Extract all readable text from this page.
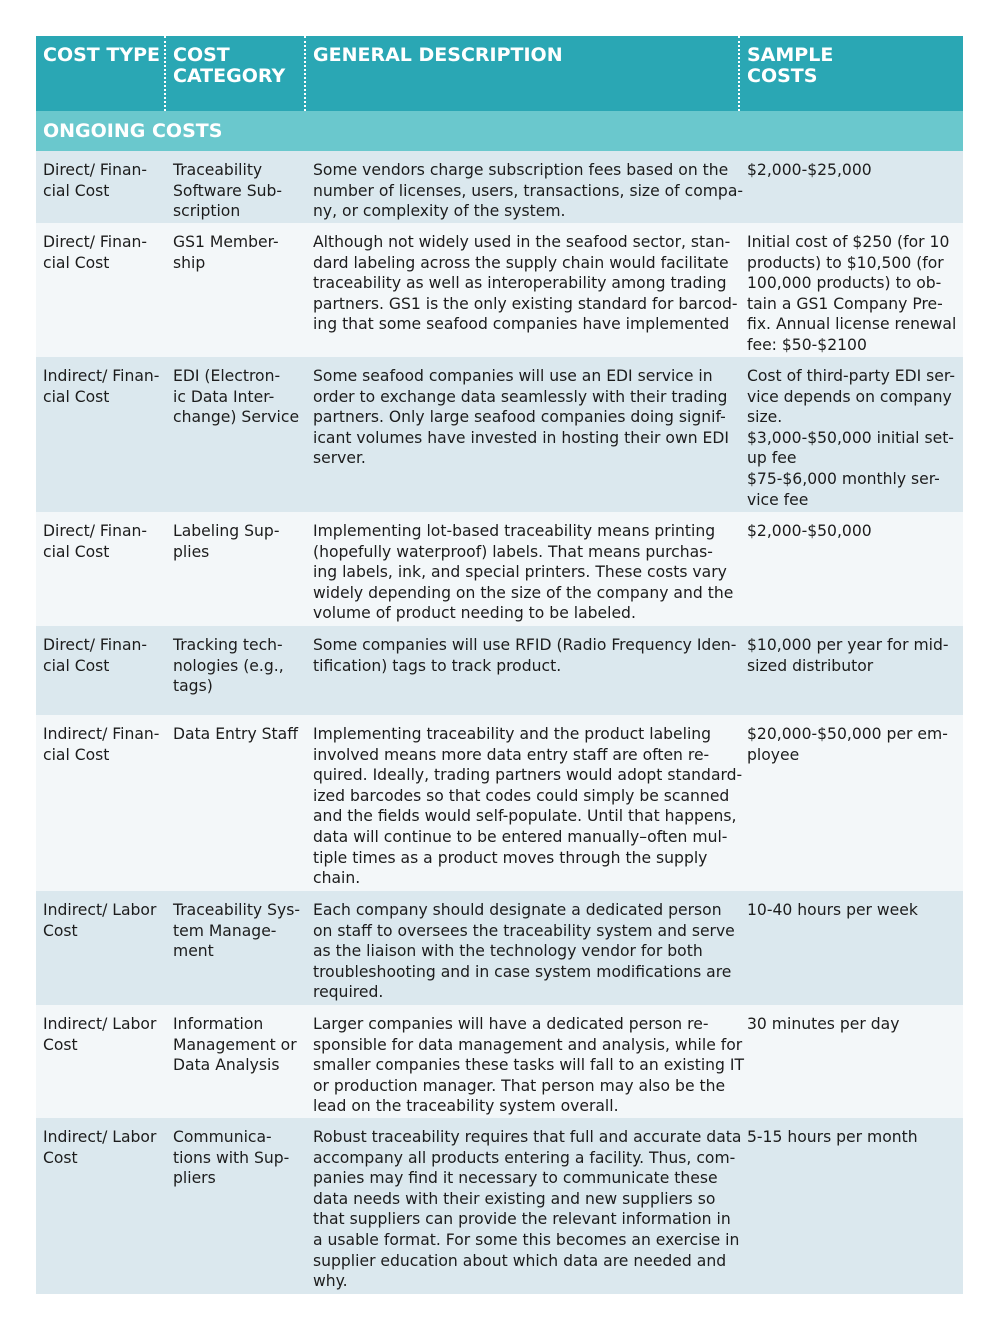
COST TYPE COST
CATEGORY
GENERAL DESCRIPTION	SAMPLE
COSTS
ONGOING COSTS
Direct/ Finan-
cial Cost
Traceability
Software Sub-
scription
Some vendors charge subscription fees based on the
number of licenses, users, transactions, size of compa-
ny, or complexity of the system.
$2,000-$25,000
Direct/ Finan-
cial Cost
GS1 Member-
ship
Although not widely used in the seafood sector, stan-
dard labeling across the supply chain would facilitate
traceability as well as interoperability among trading
partners. GS1 is the only existing standard for barcod-
ing that some seafood companies have implemented
Initial cost of $250 (for 10
products) to $10,500 (for
100,000 products) to ob-
tain a GS1 Company Pre-
fix. Annual license renewal
fee: $50-$2100
Indirect/ Finan-
cial Cost
EDI (Electron-
ic Data Inter-
change) Service
Some seafood companies will use an EDI service in
order to exchange data seamlessly with their trading
partners. Only large seafood companies doing signif-
icant volumes have invested in hosting their own EDI
server.
Cost of third-party EDI ser-
vice depends on company
size.
$3,000-$50,000 initial set-
up fee
$75-$6,000 monthly ser-
vice fee
Direct/ Finan-
cial Cost
Labeling Sup-
plies
Implementing lot-based traceability means printing
(hopefully waterproof) labels. That means purchas-
ing labels, ink, and special printers. These costs vary
widely depending on the size of the company and the
volume of product needing to be labeled.
$2,000-$50,000
Direct/ Finan-
cial Cost
Tracking tech-
nologies (e.g.,
tags)
Some companies will use RFID (Radio Frequency Iden-
tification) tags to track product.
$10,000 per year for mid-
sized distributor
Indirect/ Finan-
cial Cost
Data Entry Staff Implementing traceability and the product labeling
involved means more data entry staff are often re-
quired. Ideally, trading partners would adopt standard-
ized barcodes so that codes could simply be scanned
and the fields would self-populate. Until that happens,
data will continue to be entered manually–often mul-
tiple times as a product moves through the supply
chain.
$20,000-$50,000 per em-
ployee
Indirect/ Labor
Cost
Traceability Sys-
tem Manage-
ment
Each company should designate a dedicated person
on staff to oversees the traceability system and serve
as the liaison with the technology vendor for both
troubleshooting and in case system modifications are
required.
10-40 hours per week
Indirect/ Labor
Cost
Information
Management or
Data Analysis
Larger companies will have a dedicated person re-
sponsible for data management and analysis, while for
smaller companies these tasks will fall to an existing IT
or production manager. That person may also be the
lead on the traceability system overall.
30 minutes per day
Indirect/ Labor
Cost
Communica-
tions with Sup-
pliers
Robust traceability requires that full and accurate data
accompany all products entering a facility. Thus, com-
panies may find it necessary to communicate these
data needs with their existing and new suppliers so
that suppliers can provide the relevant information in
a usable format. For some this becomes an exercise in
supplier education about which data are needed and
why.
5-15 hours per month
